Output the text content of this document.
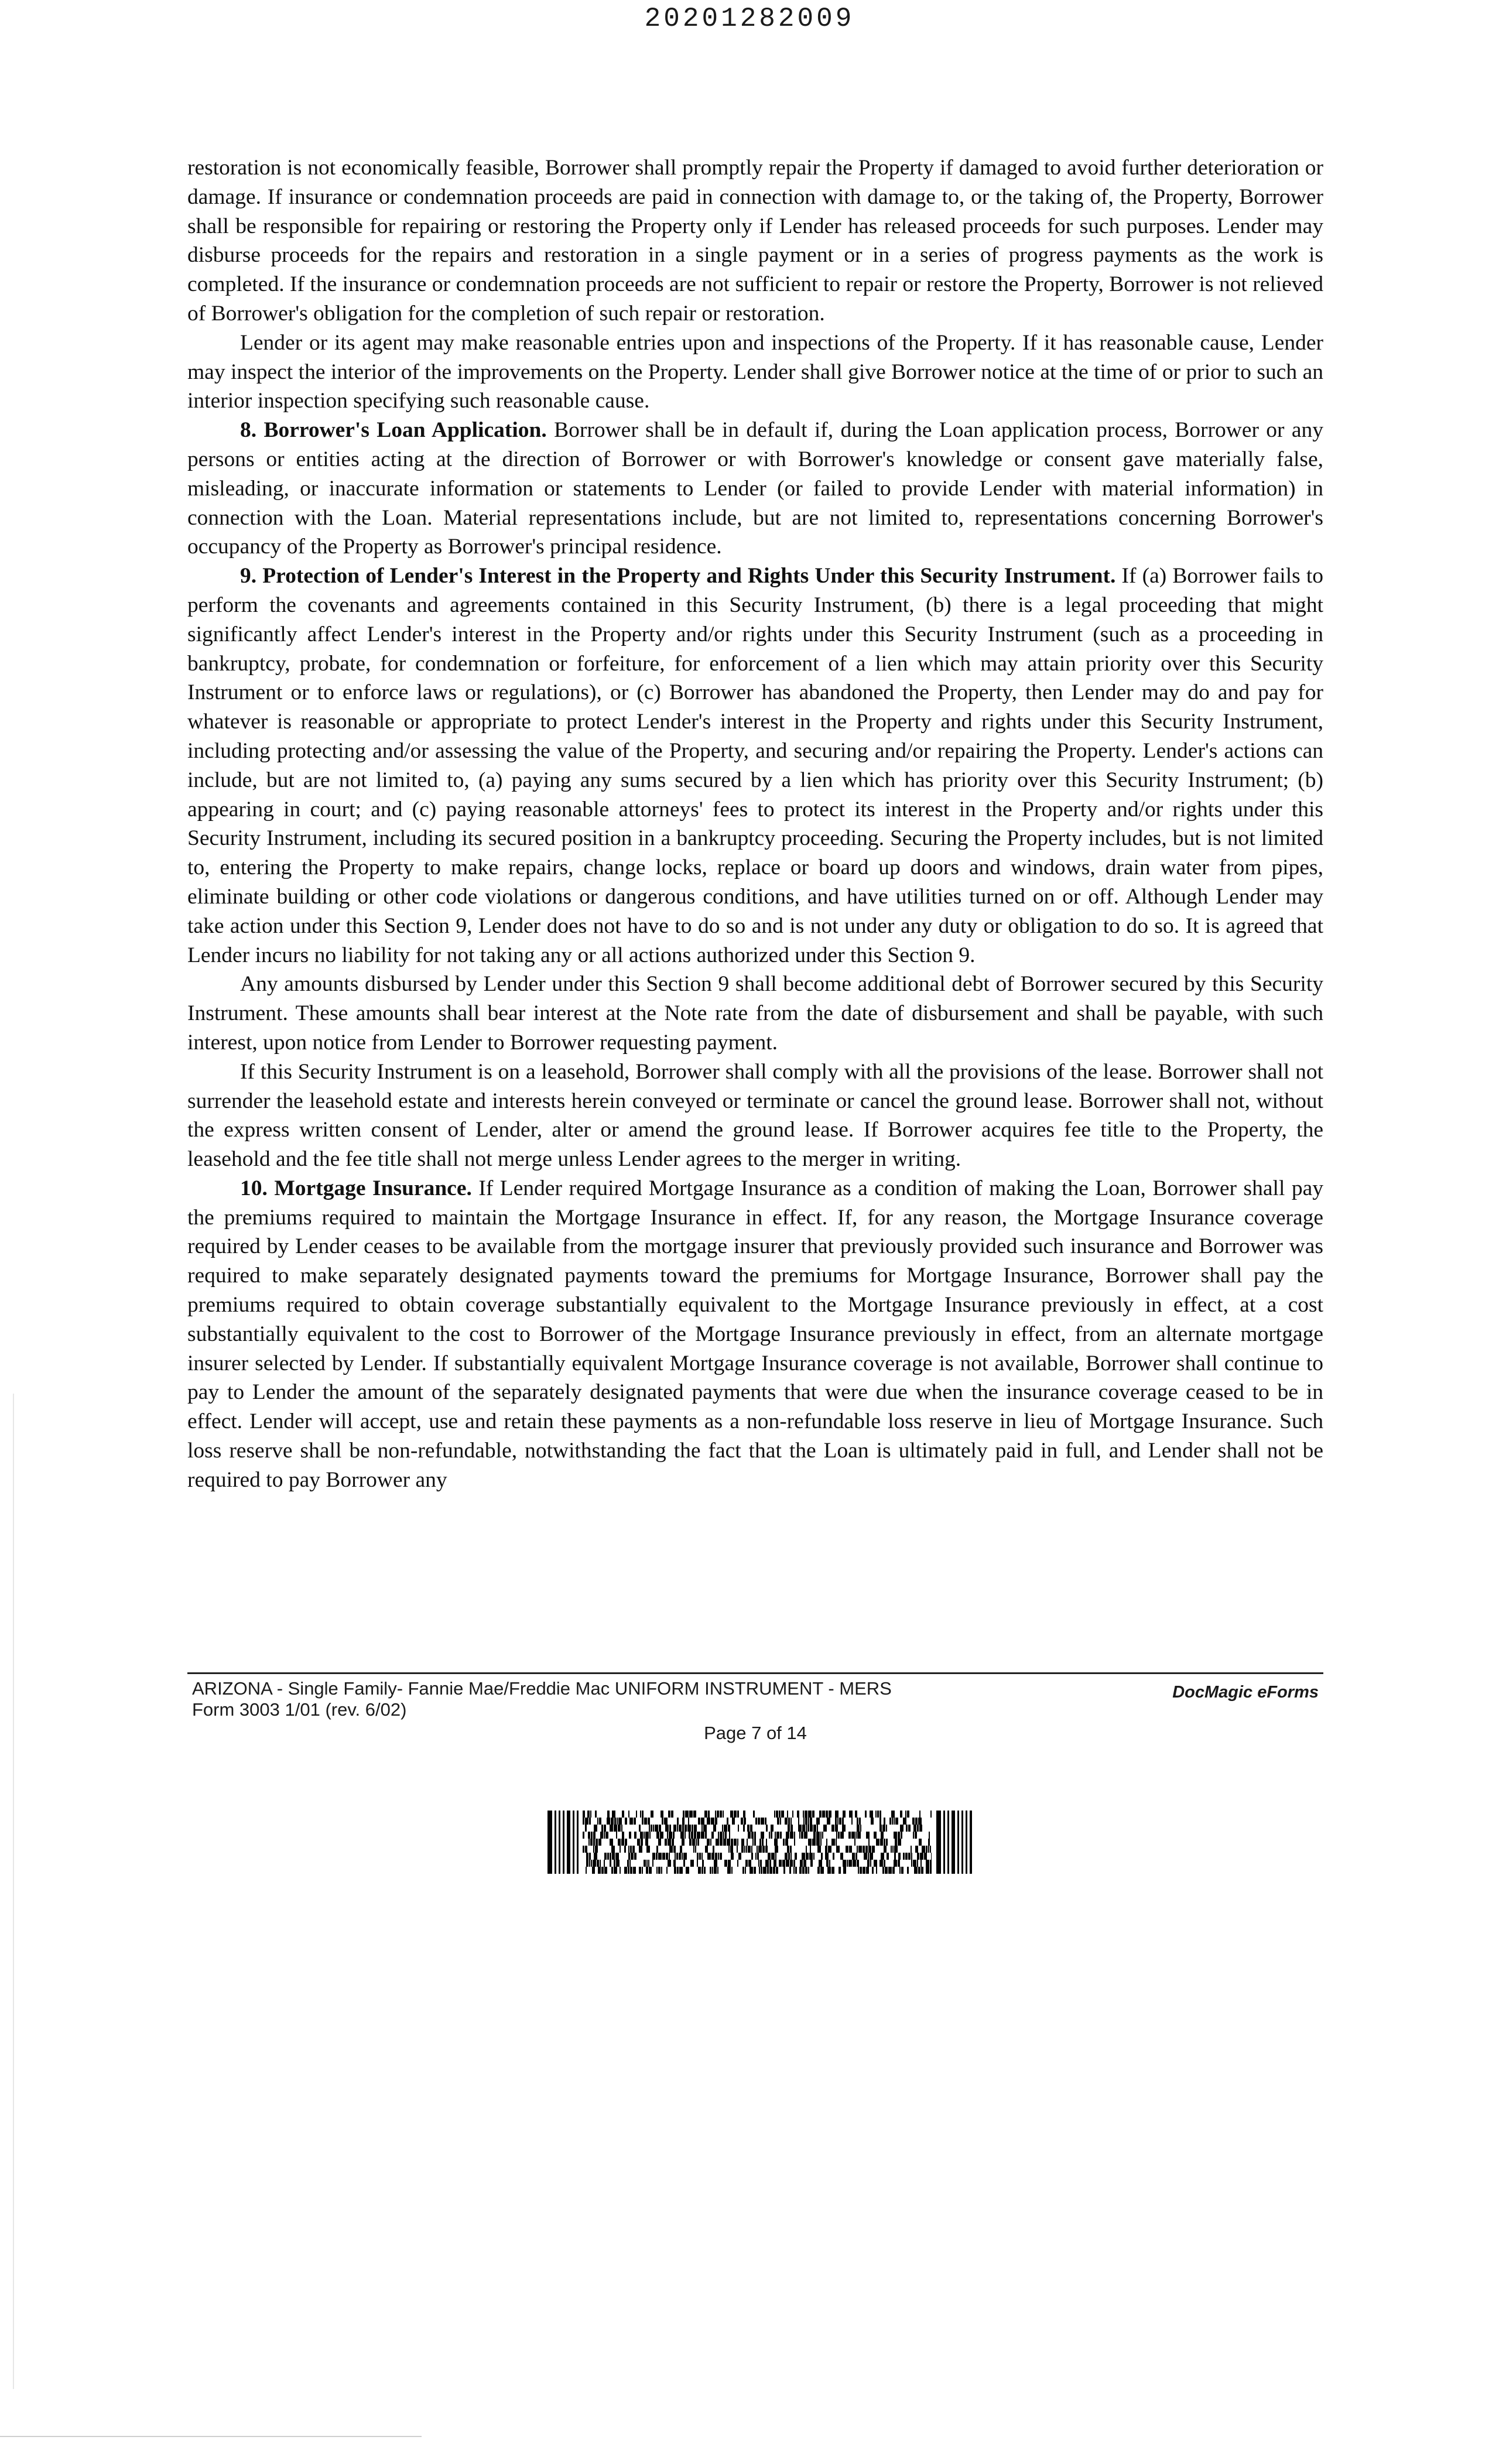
20201282009

restoration is not economically feasible, Borrower shall promptly repair the Property if damaged to avoid further deterioration or damage. If insurance or condemnation proceeds are paid in connection with damage to, or the taking of, the Property, Borrower shall be responsible for repairing or restoring the Property only if Lender has released proceeds for such purposes. Lender may disburse proceeds for the repairs and restoration in a single payment or in a series of progress payments as the work is completed. If the insurance or condemnation proceeds are not sufficient to repair or restore the Property, Borrower is not relieved of Borrower's obligation for the completion of such repair or restoration.

Lender or its agent may make reasonable entries upon and inspections of the Property. If it has reasonable cause, Lender may inspect the interior of the improvements on the Property. Lender shall give Borrower notice at the time of or prior to such an interior inspection specifying such reasonable cause.

8. Borrower's Loan Application. Borrower shall be in default if, during the Loan application process, Borrower or any persons or entities acting at the direction of Borrower or with Borrower's knowledge or consent gave materially false, misleading, or inaccurate information or statements to Lender (or failed to provide Lender with material information) in connection with the Loan. Material representations include, but are not limited to, representations concerning Borrower's occupancy of the Property as Borrower's principal residence.

9. Protection of Lender's Interest in the Property and Rights Under this Security Instrument. If (a) Borrower fails to perform the covenants and agreements contained in this Security Instrument, (b) there is a legal proceeding that might significantly affect Lender's interest in the Property and/or rights under this Security Instrument (such as a proceeding in bankruptcy, probate, for condemnation or forfeiture, for enforcement of a lien which may attain priority over this Security Instrument or to enforce laws or regulations), or (c) Borrower has abandoned the Property, then Lender may do and pay for whatever is reasonable or appropriate to protect Lender's interest in the Property and rights under this Security Instrument, including protecting and/or assessing the value of the Property, and securing and/or repairing the Property. Lender's actions can include, but are not limited to, (a) paying any sums secured by a lien which has priority over this Security Instrument; (b) appearing in court; and (c) paying reasonable attorneys' fees to protect its interest in the Property and/or rights under this Security Instrument, including its secured position in a bankruptcy proceeding. Securing the Property includes, but is not limited to, entering the Property to make repairs, change locks, replace or board up doors and windows, drain water from pipes, eliminate building or other code violations or dangerous conditions, and have utilities turned on or off. Although Lender may take action under this Section 9, Lender does not have to do so and is not under any duty or obligation to do so. It is agreed that Lender incurs no liability for not taking any or all actions authorized under this Section 9.

Any amounts disbursed by Lender under this Section 9 shall become additional debt of Borrower secured by this Security Instrument. These amounts shall bear interest at the Note rate from the date of disbursement and shall be payable, with such interest, upon notice from Lender to Borrower requesting payment.

If this Security Instrument is on a leasehold, Borrower shall comply with all the provisions of the lease. Borrower shall not surrender the leasehold estate and interests herein conveyed or terminate or cancel the ground lease. Borrower shall not, without the express written consent of Lender, alter or amend the ground lease. If Borrower acquires fee title to the Property, the leasehold and the fee title shall not merge unless Lender agrees to the merger in writing.

10. Mortgage Insurance. If Lender required Mortgage Insurance as a condition of making the Loan, Borrower shall pay the premiums required to maintain the Mortgage Insurance in effect. If, for any reason, the Mortgage Insurance coverage required by Lender ceases to be available from the mortgage insurer that previously provided such insurance and Borrower was required to make separately designated payments toward the premiums for Mortgage Insurance, Borrower shall pay the premiums required to obtain coverage substantially equivalent to the Mortgage Insurance previously in effect, at a cost substantially equivalent to the cost to Borrower of the Mortgage Insurance previously in effect, from an alternate mortgage insurer selected by Lender. If substantially equivalent Mortgage Insurance coverage is not available, Borrower shall continue to pay to Lender the amount of the separately designated payments that were due when the insurance coverage ceased to be in effect. Lender will accept, use and retain these payments as a non-refundable loss reserve in lieu of Mortgage Insurance. Such loss reserve shall be non-refundable, notwithstanding the fact that the Loan is ultimately paid in full, and Lender shall not be required to pay Borrower any

ARIZONA - Single Family- Fannie Mae/Freddie Mac UNIFORM INSTRUMENT - MERS
Form 3003 1/01 (rev. 6/02)
DocMagic eForms
Page 7 of 14
